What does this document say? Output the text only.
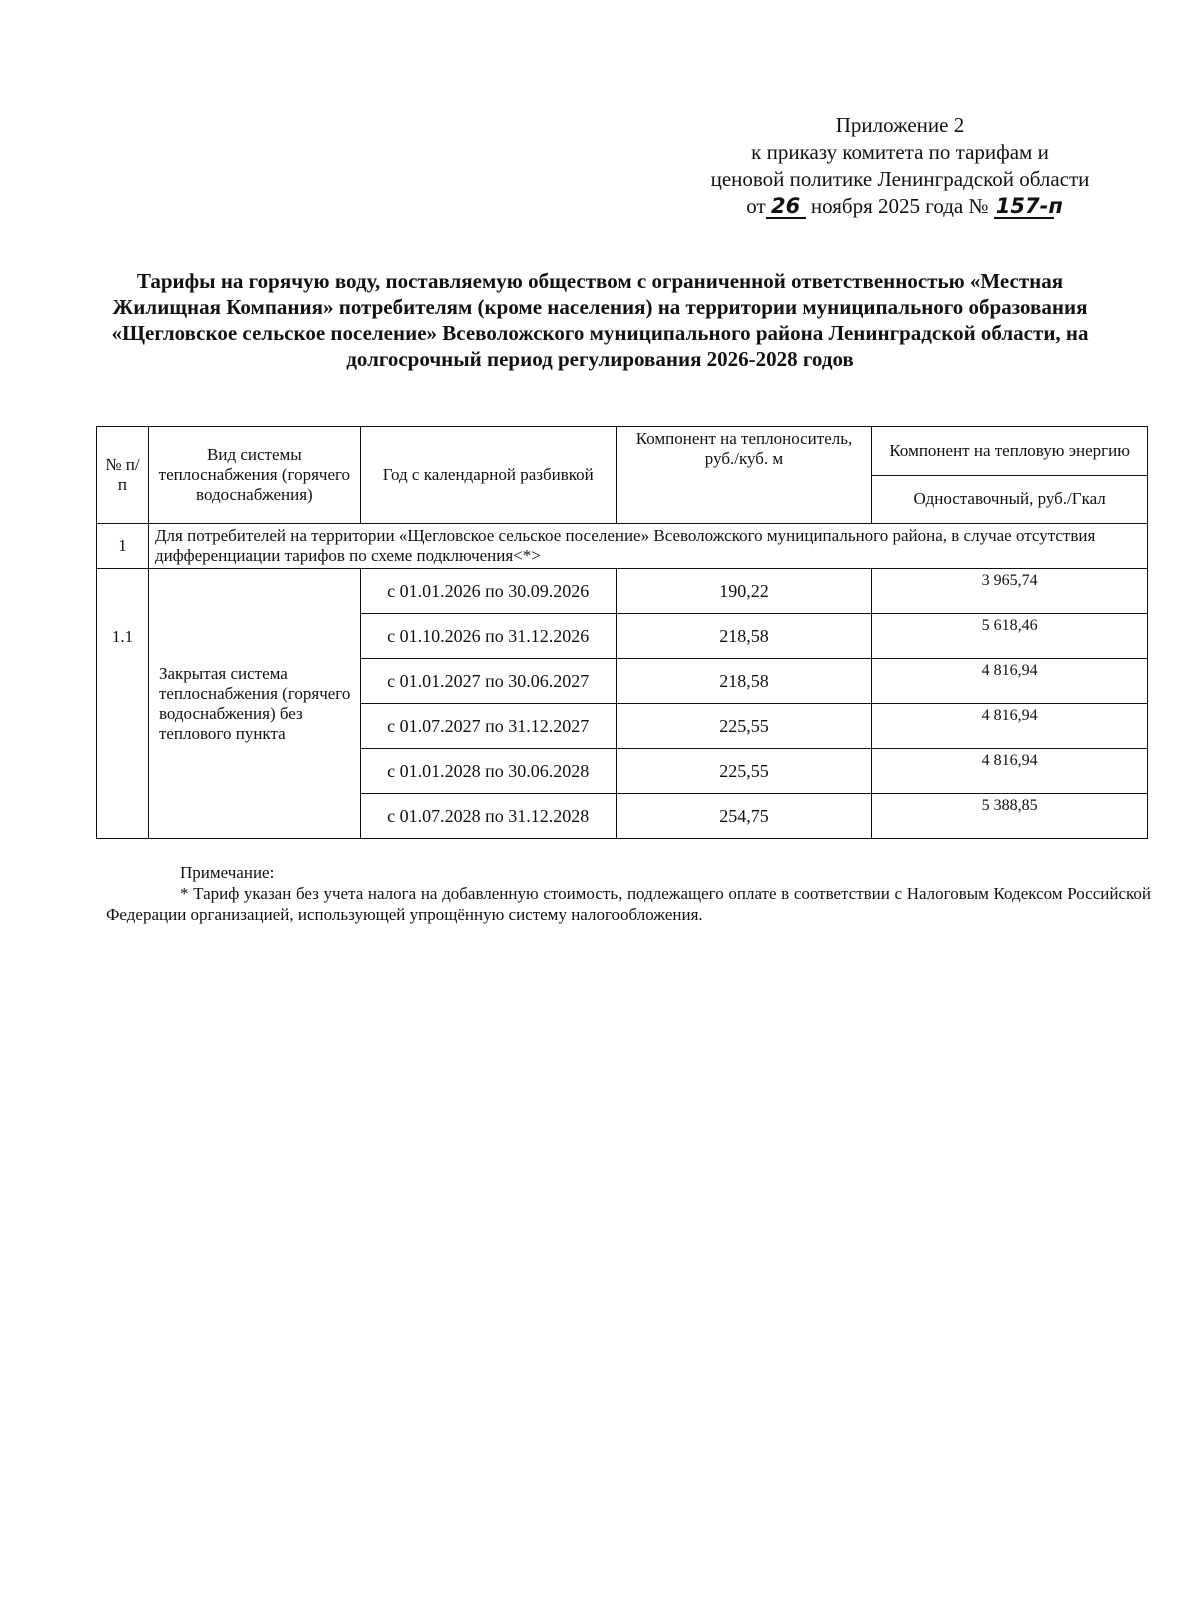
Приложение 2
к приказу комитета по тарифам и
ценовой политике Ленинградской области
от 26 ноября 2025 года № 157-п
Тарифы на горячую воду, поставляемую обществом с ограниченной ответственностью «Местная Жилищная Компания» потребителям (кроме населения) на территории муниципального образования «Щегловское сельское поселение» Всеволожского муниципального района Ленинградской области, на долгосрочный период регулирования 2026-2028 годов
№ п/п	Вид системы теплоснабжения (горячего водоснабжения)	Год с календарной разбивкой	Компонент на теплоноситель, руб./куб. м	Компонент на тепловую энергию
				Одноставочный, руб./Гкал
1	Для потребителей на территории «Щегловское сельское поселение» Всеволожского муниципального района, в случае отсутствия дифференциации тарифов по схеме подключения<*>			
1.1	Закрытая система теплоснабжения (горячего водоснабжения) без теплового пункта	с 01.01.2026 по 30.09.2026	190,22	3 965,74
		с 01.10.2026 по 31.12.2026	218,58	5 618,46
		с 01.01.2027 по 30.06.2027	218,58	4 816,94
		с 01.07.2027 по 31.12.2027	225,55	4 816,94
		с 01.01.2028 по 30.06.2028	225,55	4 816,94
		с 01.07.2028 по 31.12.2028	254,75	5 388,85
Примечание:
* Тариф указан без учета налога на добавленную стоимость, подлежащего оплате в соответствии с Налоговым Кодексом Российской Федерации организацией, использующей упрощённую систему налогообложения.
